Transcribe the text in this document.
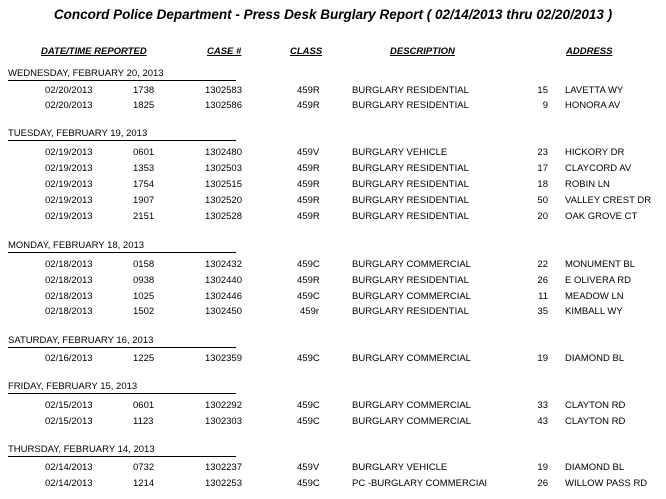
Concord Police Department - Press Desk Burglary Report ( 02/14/2013 thru 02/20/2013 )
DATE/TIME REPORTED	CASE #	CLASS	DESCRIPTION	ADDRESS
WEDNESDAY, FEBRUARY 20, 2013
02/20/2013	1738	1302583	459R	BURGLARY RESIDENTIAL	15 LAVETTA WY
02/20/2013	1825	1302586	459R	BURGLARY RESIDENTIAL	9 HONORA AV
TUESDAY, FEBRUARY 19, 2013
02/19/2013	0601	1302480	459V	BURGLARY VEHICLE	23 HICKORY DR
02/19/2013	1353	1302503	459R	BURGLARY RESIDENTIAL	17 CLAYCORD AV
02/19/2013	1754	1302515	459R	BURGLARY RESIDENTIAL	18 ROBIN LN
02/19/2013	1907	1302520	459R	BURGLARY RESIDENTIAL	50 VALLEY CREST DR
02/19/2013	2151	1302528	459R	BURGLARY RESIDENTIAL	20 OAK GROVE CT
MONDAY, FEBRUARY 18, 2013
02/18/2013	0158	1302432	459C	BURGLARY COMMERCIAL	22 MONUMENT BL
02/18/2013	0938	1302440	459R	BURGLARY RESIDENTIAL	26 E OLIVERA RD
02/18/2013	1025	1302446	459C	BURGLARY COMMERCIAL	11 MEADOW LN
02/18/2013	1502	1302450	459r	BURGLARY RESIDENTIAL	35 KIMBALL WY
SATURDAY, FEBRUARY 16, 2013
02/16/2013	1225	1302359	459C	BURGLARY COMMERCIAL	19 DIAMOND BL
FRIDAY, FEBRUARY 15, 2013
02/15/2013	0601	1302292	459C	BURGLARY COMMERCIAL	33 CLAYTON RD
02/15/2013	1123	1302303	459C	BURGLARY COMMERCIAL	43 CLAYTON RD
THURSDAY, FEBRUARY 14, 2013
02/14/2013	0732	1302237	459V	BURGLARY VEHICLE	19 DIAMOND BL
02/14/2013	1214	1302253	459C	PC -BURGLARY COMMERCIAl	26 WILLOW PASS RD
